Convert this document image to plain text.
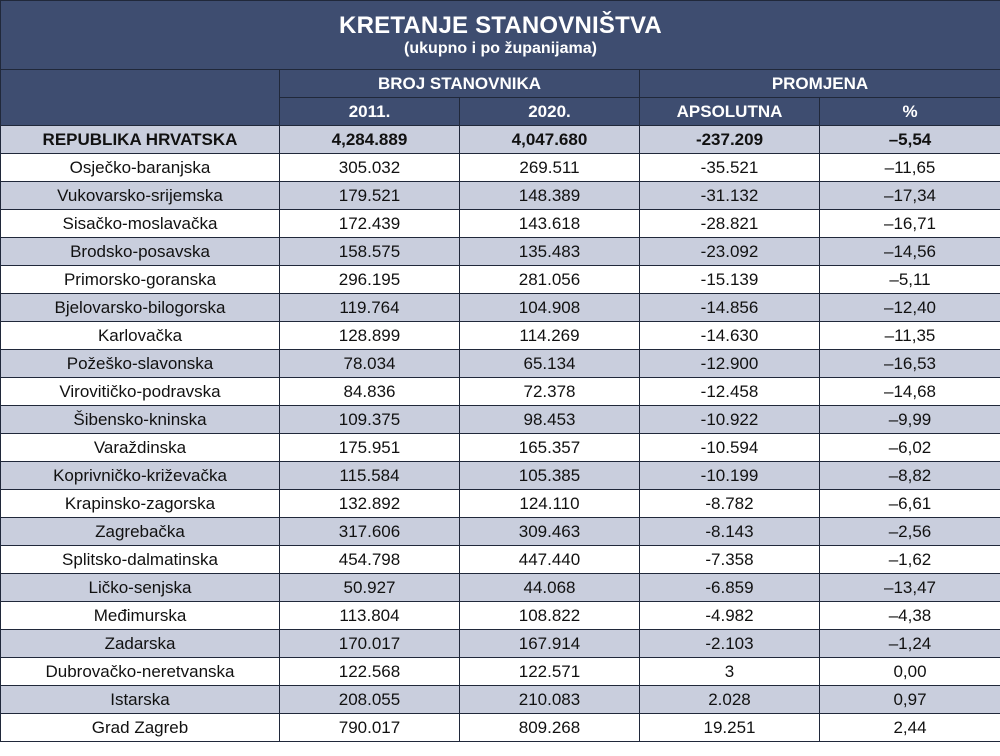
KRETANJE STANOVNIŠTVA
(ukupno i po županijama)				

	BROJ STANOVNIKA		PROMJENA	
	2011.	2020.	APSOLUTNA	%
REPUBLIKA HRVATSKA	4,284.889	4,047.680	-237.209	–5,54
Osječko-baranjska	305.032	269.511	-35.521	–11,65
Vukovarsko-srijemska	179.521	148.389	-31.132	–17,34
Sisačko-moslavačka	172.439	143.618	-28.821	–16,71
Brodsko-posavska	158.575	135.483	-23.092	–14,56
Primorsko-goranska	296.195	281.056	-15.139	–5,11
Bjelovarsko-bilogorska	119.764	104.908	-14.856	–12,40
Karlovačka	128.899	114.269	-14.630	–11,35
Požeško-slavonska	78.034	65.134	-12.900	–16,53
Virovitičko-podravska	84.836	72.378	-12.458	–14,68
Šibensko-kninska	109.375	98.453	-10.922	–9,99
Varaždinska	175.951	165.357	-10.594	–6,02
Koprivničko-križevačka	115.584	105.385	-10.199	–8,82
Krapinsko-zagorska	132.892	124.110	-8.782	–6,61
Zagrebačka	317.606	309.463	-8.143	–2,56
Splitsko-dalmatinska	454.798	447.440	-7.358	–1,62
Ličko-senjska	50.927	44.068	-6.859	–13,47
Međimurska	113.804	108.822	-4.982	–4,38
Zadarska	170.017	167.914	-2.103	–1,24
Dubrovačko-neretvanska	122.568	122.571	3	0,00
Istarska	208.055	210.083	2.028	0,97
Grad Zagreb	790.017	809.268	19.251	2,44
